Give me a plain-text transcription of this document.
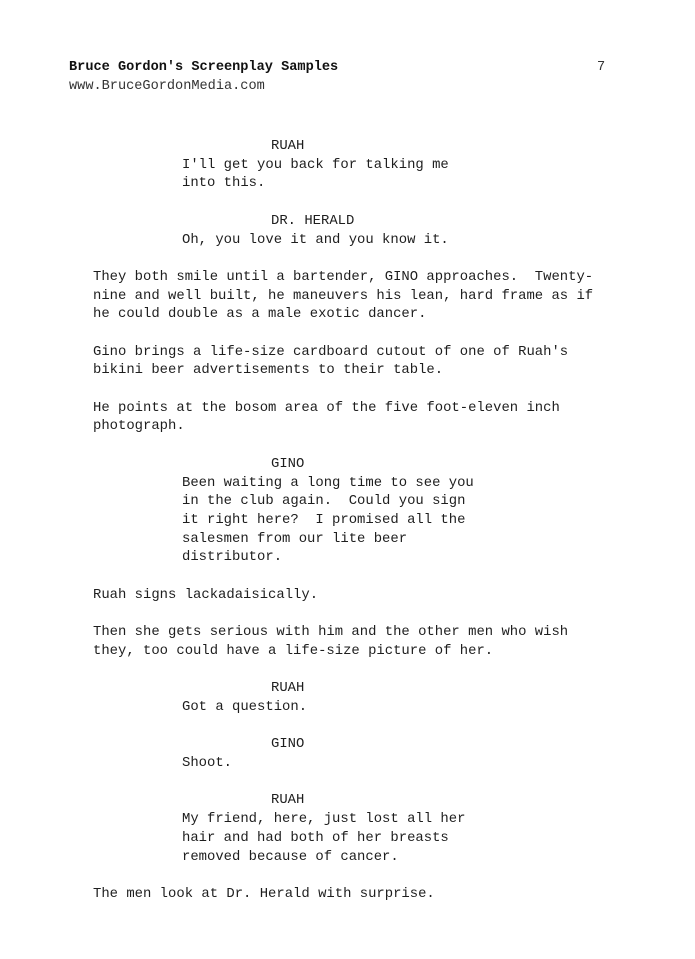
Bruce Gordon's Screenplay Samples
www.BruceGordonMedia.com
7
RUAH
I'll get you back for talking me
into this.
DR. HERALD
Oh, you love it and you know it.
They both smile until a bartender, GINO approaches.  Twenty-
nine and well built, he maneuvers his lean, hard frame as if
he could double as a male exotic dancer.
Gino brings a life-size cardboard cutout of one of Ruah's
bikini beer advertisements to their table.
He points at the bosom area of the five foot-eleven inch
photograph.
GINO
Been waiting a long time to see you
in the club again.  Could you sign
it right here?  I promised all the
salesmen from our lite beer
distributor.
Ruah signs lackadaisically.
Then she gets serious with him and the other men who wish
they, too could have a life-size picture of her.
RUAH
Got a question.
GINO
Shoot.
RUAH
My friend, here, just lost all her
hair and had both of her breasts
removed because of cancer.
The men look at Dr. Herald with surprise.
